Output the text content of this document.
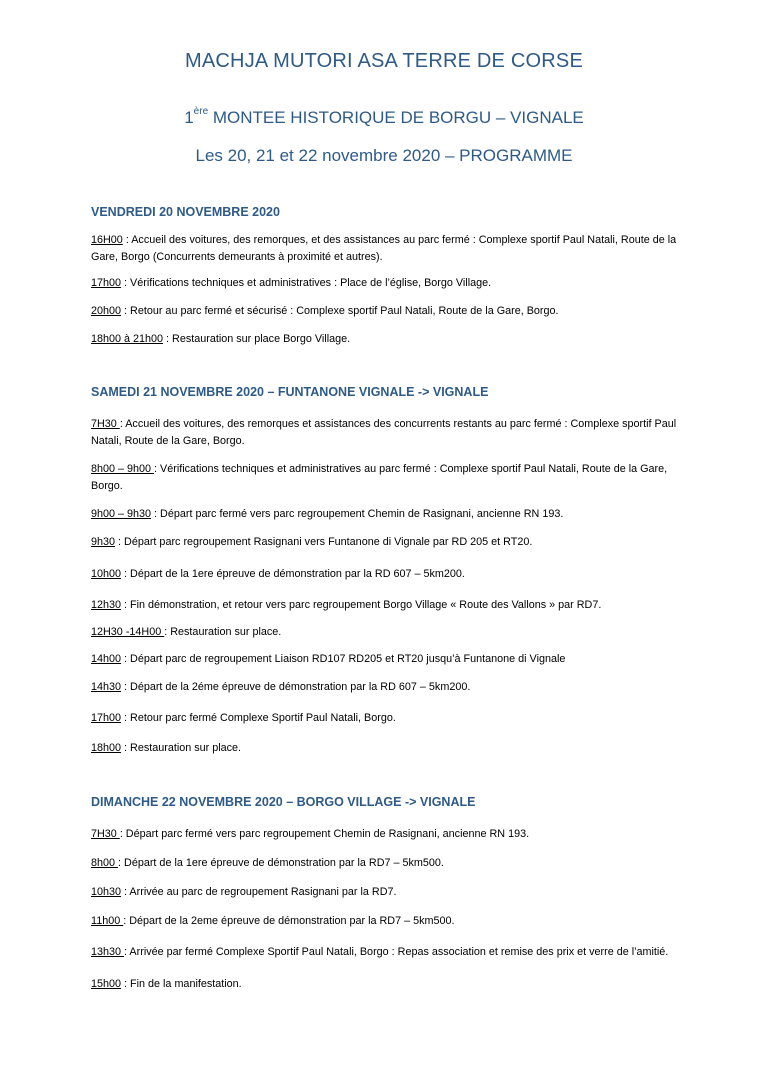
MACHJA MUTORI ASA TERRE DE CORSE
1ère MONTEE HISTORIQUE DE BORGU – VIGNALE
Les 20, 21 et 22 novembre 2020 – PROGRAMME
VENDREDI 20 NOVEMBRE 2020
16H00 : Accueil des voitures, des remorques, et des assistances au parc fermé : Complexe sportif Paul Natali, Route de la Gare, Borgo (Concurrents demeurants à proximité et autres).
17h00 : Vérifications techniques et administratives : Place de l’église, Borgo Village.
20h00 : Retour au parc fermé et sécurisé : Complexe sportif Paul Natali, Route de la Gare, Borgo.
18h00 à 21h00 : Restauration sur place Borgo Village.
SAMEDI 21 NOVEMBRE 2020 – FUNTANONE VIGNALE -> VIGNALE
7H30 : Accueil des voitures, des remorques et assistances des concurrents restants au parc fermé : Complexe sportif Paul Natali, Route de la Gare, Borgo.
8h00 – 9h00 : Vérifications techniques et administratives au parc fermé : Complexe sportif Paul Natali, Route de la Gare, Borgo.
9h00 – 9h30 : Départ parc fermé vers parc regroupement Chemin de Rasignani, ancienne RN 193.
9h30 : Départ parc regroupement Rasignani vers Funtanone di Vignale par RD 205 et RT20.
10h00 : Départ de la 1ere épreuve de démonstration par la RD 607 – 5km200.
12h30 : Fin démonstration, et retour vers parc regroupement Borgo Village « Route des Vallons » par RD7.
12H30 -14H00 : Restauration sur place.
14h00 : Départ parc de regroupement Liaison RD107 RD205 et RT20 jusqu’à Funtanone di Vignale
14h30 : Départ de la 2éme épreuve de démonstration par la RD 607 – 5km200.
17h00 : Retour parc fermé Complexe Sportif Paul Natali, Borgo.
18h00 : Restauration sur place.
DIMANCHE 22 NOVEMBRE 2020 – BORGO VILLAGE -> VIGNALE
7H30 : Départ parc fermé vers parc regroupement Chemin de Rasignani, ancienne RN 193.
8h00 : Départ de la 1ere épreuve de démonstration par la RD7 – 5km500.
10h30 : Arrivée au parc de regroupement Rasignani par la RD7.
11h00 : Départ de la 2eme épreuve de démonstration par la RD7 – 5km500.
13h30 : Arrivée par fermé Complexe Sportif Paul Natali, Borgo : Repas association et remise des prix et verre de l’amitié.
15h00 : Fin de la manifestation.
